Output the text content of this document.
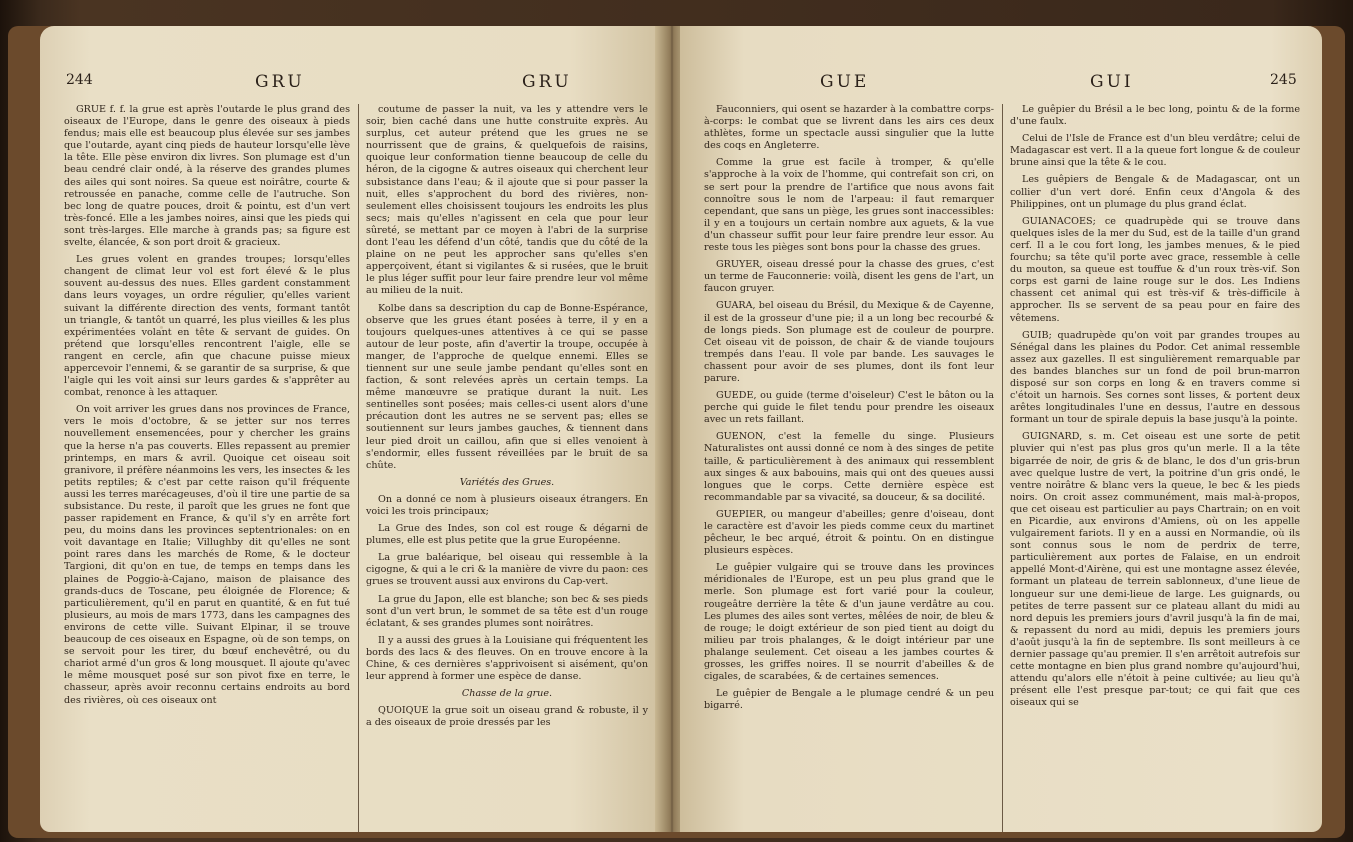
244	GRU	GRU

GRUE f. f. la grue est après l'outarde le plus grand des oiseaux de l'Europe, dans le genre des oiseaux à pieds fendus; mais elle est beaucoup plus élevée sur ses jambes que l'outarde, ayant cinq pieds de hauteur lorsqu'elle lève la tête. Elle pèse environ dix livres. Son plumage est d'un beau cendré clair ondé, à la réserve des grandes plumes des ailes qui sont noires. Sa queue est noirâtre, courte & retroussée en panache, comme celle de l'autruche. Son bec long de quatre pouces, droit & pointu, est d'un vert très-foncé. Elle a les jambes noires, ainsi que les pieds qui sont très-larges. Elle marche à grands pas; sa figure est svelte, élancée, & son port droit & gracieux.

Les grues volent en grandes troupes; lorsqu'elles changent de climat leur vol est fort élevé & le plus souvent au-dessus des nues. Elles gardent constamment dans leurs voyages, un ordre régulier, qu'elles varient suivant la différente direction des vents, formant tantôt un triangle, & tantôt un quarré, les plus vieilles & les plus expérimentées volant en tête & servant de guides. On prétend que lorsqu'elles rencontrent l'aigle, elle se rangent en cercle, afin que chacune puisse mieux appercevoir l'ennemi, & se garantir de sa surprise, & que l'aigle qui les voit ainsi sur leurs gardes & s'apprêter au combat, renonce à les attaquer.

On voit arriver les grues dans nos provinces de France, vers le mois d'octobre, & se jetter sur nos terres nouvellement ensemencées, pour y chercher les grains que la herse n'a pas couverts. Elles repassent au premier printemps, en mars & avril. Quoique cet oiseau soit granivore, il préfère néanmoins les vers, les insectes & les petits reptiles; & c'est par cette raison qu'il fréquente aussi les terres marécageuses, d'où il tire une partie de sa subsistance. Du reste, il paroît que les grues ne font que passer rapidement en France, & qu'il s'y en arrête fort peu, du moins dans les provinces septentrionales: on en voit davantage en Italie; Villughby dit qu'elles ne sont point rares dans les marchés de Rome, & le docteur Targioni, dit qu'on en tue, de temps en temps dans les plaines de Poggio-à-Cajano, maison de plaisance des grands-ducs de Toscane, peu éloignée de Florence; & particulièrement, qu'il en parut en quantité, & en fut tué plusieurs, au mois de mars 1773, dans les campagnes des environs de cette ville. Suivant Elpinar, il se trouve beaucoup de ces oiseaux en Espagne, où de son temps, on se servoit pour les tirer, du bœuf enchevêtré, ou du chariot armé d'un gros & long mousquet. Il ajoute qu'avec le même mousquet posé sur son pivot fixe en terre, le chasseur, après avoir reconnu certains endroits au bord des rivières, où ces oiseaux ont

coutume de passer la nuit, va les y attendre vers le soir, bien caché dans une hutte construite exprès. Au surplus, cet auteur prétend que les grues ne se nourrissent que de grains, & quelquefois de raisins, quoique leur conformation tienne beaucoup de celle du héron, de la cigogne & autres oiseaux qui cherchent leur subsistance dans l'eau; & il ajoute que si pour passer la nuit, elles s'approchent du bord des rivières, non-seulement elles choisissent toujours les endroits les plus secs; mais qu'elles n'agissent en cela que pour leur sûreté, se mettant par ce moyen à l'abri de la surprise dont l'eau les défend d'un côté, tandis que du côté de la plaine on ne peut les approcher sans qu'elles s'en apperçoivent, étant si vigilantes & si rusées, que le bruit le plus léger suffit pour leur faire prendre leur vol même au milieu de la nuit.

Kolbe dans sa description du cap de Bonne-Espérance, observe que les grues étant posées à terre, il y en a toujours quelques-unes attentives à ce qui se passe autour de leur poste, afin d'avertir la troupe, occupée à manger, de l'approche de quelque ennemi. Elles se tiennent sur une seule jambe pendant qu'elles sont en faction, & sont relevées après un certain temps. La même manœuvre se pratique durant la nuit. Les sentinelles sont posées; mais celles-ci usent alors d'une précaution dont les autres ne se servent pas; elles se soutiennent sur leurs jambes gauches, & tiennent dans leur pied droit un caillou, afin que si elles venoient à s'endormir, elles fussent réveillées par le bruit de sa chûte.

Variétés des Grues.

On a donné ce nom à plusieurs oiseaux étrangers. En voici les trois principaux;

La Grue des Indes, son col est rouge & dégarni de plumes, elle est plus petite que la grue Européenne.

La grue baléarique, bel oiseau qui ressemble à la cigogne, & qui a le cri & la manière de vivre du paon: ces grues se trouvent aussi aux environs du Cap-vert.

La grue du Japon, elle est blanche; son bec & ses pieds sont d'un vert brun, le sommet de sa tête est d'un rouge éclatant, & ses grandes plumes sont noirâtres.

Il y a aussi des grues à la Louisiane qui fréquentent les bords des lacs & des fleuves. On en trouve encore à la Chine, & ces dernières s'apprivoisent si aisément, qu'on leur apprend à former une espèce de danse.

Chasse de la grue.

QUOIQUE la grue soit un oiseau grand & robuste, il y a des oiseaux de proie dressés par les

GUE	GUI	245

Fauconniers, qui osent se hazarder à la combattre corps-à-corps: le combat que se livrent dans les airs ces deux athlètes, forme un spectacle aussi singulier que la lutte des coqs en Angleterre.

Comme la grue est facile à tromper, & qu'elle s'approche à la voix de l'homme, qui contrefait son cri, on se sert pour la prendre de l'artifice que nous avons fait connoître sous le nom de l'arpeau: il faut remarquer cependant, que sans un piège, les grues sont inaccessibles: il y en a toujours un certain nombre aux aguets, & la vue d'un chasseur suffit pour leur faire prendre leur essor. Au reste tous les pièges sont bons pour la chasse des grues.

GRUYER, oiseau dressé pour la chasse des grues, c'est un terme de Fauconnerie: voilà, disent les gens de l'art, un faucon gruyer.

GUARA, bel oiseau du Brésil, du Mexique & de Cayenne, il est de la grosseur d'une pie; il a un long bec recourbé & de longs pieds. Son plumage est de couleur de pourpre. Cet oiseau vit de poisson, de chair & de viande toujours trempés dans l'eau. Il vole par bande. Les sauvages le chassent pour avoir de ses plumes, dont ils font leur parure.

GUEDE, ou guide (terme d'oiseleur) C'est le bâton ou la perche qui guide le filet tendu pour prendre les oiseaux avec un rets faillant.

GUENON, c'est la femelle du singe. Plusieurs Naturalistes ont aussi donné ce nom à des singes de petite taille, & particulièrement à des animaux qui ressemblent aux singes & aux babouins, mais qui ont des queues aussi longues que le corps. Cette dernière espèce est recommandable par sa vivacité, sa douceur, & sa docilité.

GUEPIER, ou mangeur d'abeilles; genre d'oiseau, dont le caractère est d'avoir les pieds comme ceux du martinet pêcheur, le bec arqué, étroit & pointu. On en distingue plusieurs espèces.

Le guêpier vulgaire qui se trouve dans les provinces méridionales de l'Europe, est un peu plus grand que le merle. Son plumage est fort varié pour la couleur, rougeâtre derrière la tête & d'un jaune verdâtre au cou. Les plumes des ailes sont vertes, mêlées de noir, de bleu & de rouge; le doigt extérieur de son pied tient au doigt du milieu par trois phalanges, & le doigt intérieur par une phalange seulement. Cet oiseau a les jambes courtes & grosses, les griffes noires. Il se nourrit d'abeilles & de cigales, de scarabées, & de certaines semences.

Le guêpier de Bengale a le plumage cendré & un peu bigarré.

Le guêpier du Brésil a le bec long, pointu & de la forme d'une faulx.

Celui de l'Isle de France est d'un bleu verdâtre; celui de Madagascar est vert. Il a la queue fort longue & de couleur brune ainsi que la tête & le cou.

Les guêpiers de Bengale & de Madagascar, ont un collier d'un vert doré. Enfin ceux d'Angola & des Philippines, ont un plumage du plus grand éclat.

GUIANACOES; ce quadrupède qui se trouve dans quelques isles de la mer du Sud, est de la taille d'un grand cerf. Il a le cou fort long, les jambes menues, & le pied fourchu; sa tête qu'il porte avec grace, ressemble à celle du mouton, sa queue est touffue & d'un roux très-vif. Son corps est garni de laine rouge sur le dos. Les Indiens chassent cet animal qui est très-vif & très-difficile à approcher. Ils se servent de sa peau pour en faire des vêtemens.

GUIB; quadrupède qu'on voit par grandes troupes au Sénégal dans les plaines du Podor. Cet animal ressemble assez aux gazelles. Il est singulièrement remarquable par des bandes blanches sur un fond de poil brun-marron disposé sur son corps en long & en travers comme si c'étoit un harnois. Ses cornes sont lisses, & portent deux arêtes longitudinales l'une en dessus, l'autre en dessous formant un tour de spirale depuis la base jusqu'à la pointe.

GUIGNARD, s. m. Cet oiseau est une sorte de petit pluvier qui n'est pas plus gros qu'un merle. Il a la tête bigarrée de noir, de gris & de blanc, le dos d'un gris-brun avec quelque lustre de vert, la poitrine d'un gris ondé, le ventre noirâtre & blanc vers la queue, le bec & les pieds noirs. On croit assez communément, mais mal-à-propos, que cet oiseau est particulier au pays Chartrain; on en voit en Picardie, aux environs d'Amiens, où on les appelle vulgairement fariots. Il y en a aussi en Normandie, où ils sont connus sous le nom de perdrix de terre, particulièrement aux portes de Falaise, en un endroit appellé Mont-d'Airène, qui est une montagne assez élevée, formant un plateau de terrein sablonneux, d'une lieue de longueur sur une demi-lieue de large. Les guignards, ou petites de terre passent sur ce plateau allant du midi au nord depuis les premiers jours d'avril jusqu'à la fin de mai, & repassent du nord au midi, depuis les premiers jours d'août jusqu'à la fin de septembre. Ils sont meilleurs à ce dernier passage qu'au premier. Il s'en arrêtoit autrefois sur cette montagne en bien plus grand nombre qu'aujourd'hui, attendu qu'alors elle n'étoit à peine cultivée; au lieu qu'à présent elle l'est presque par-tout; ce qui fait que ces oiseaux qui se
